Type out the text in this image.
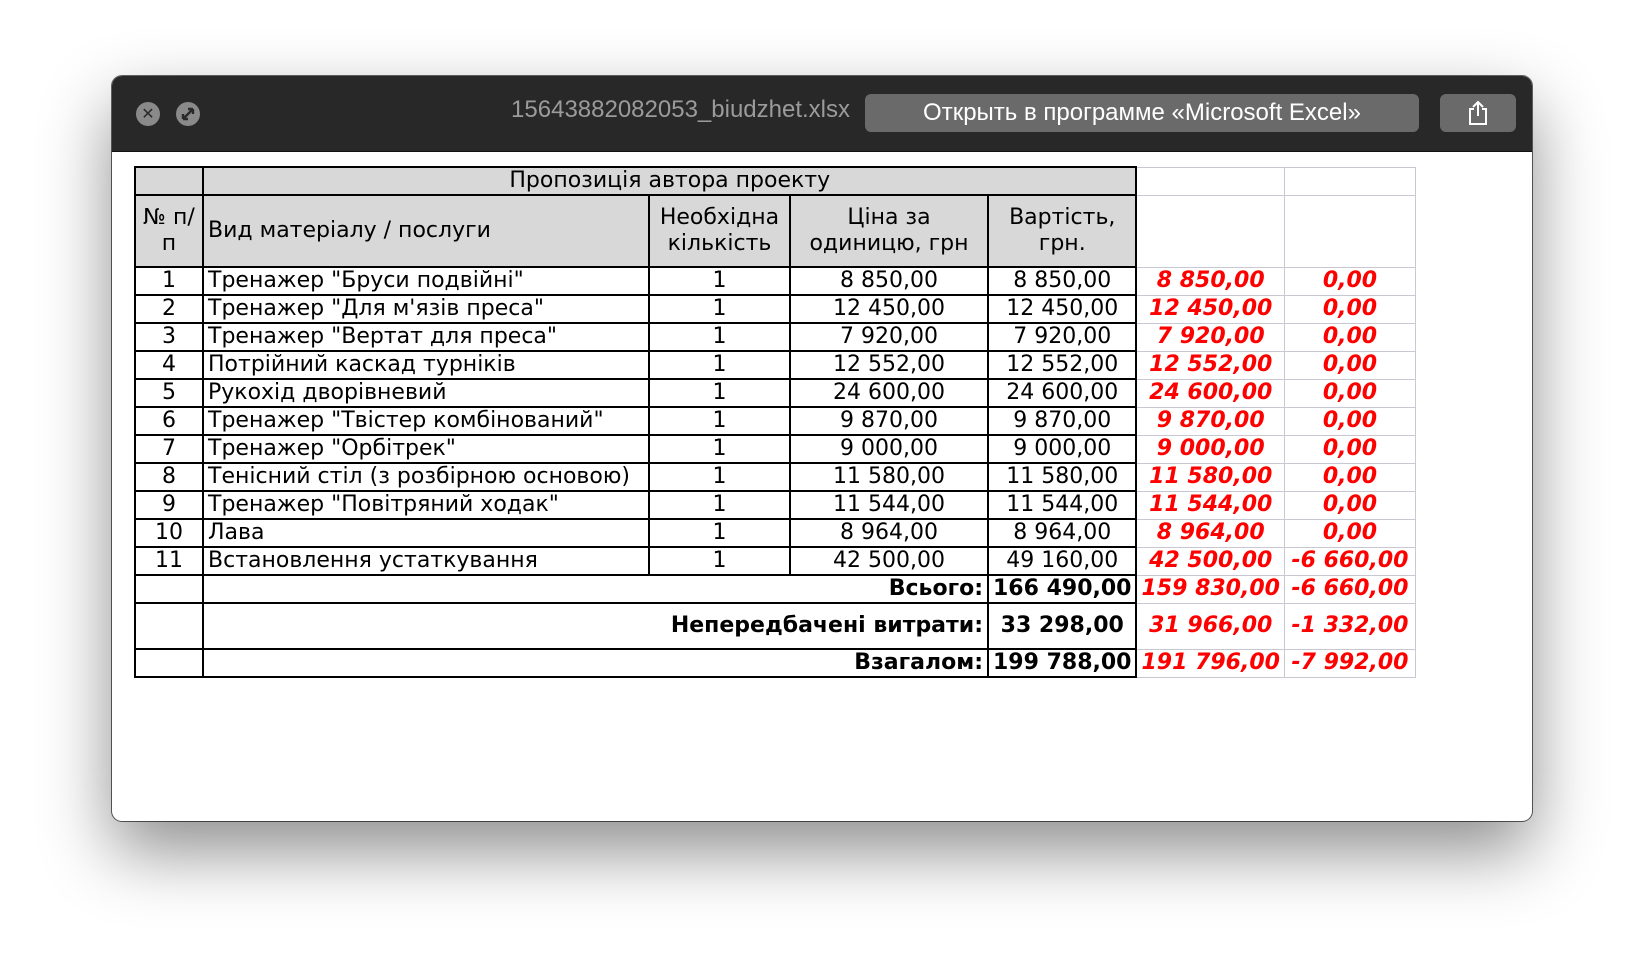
✕	15643882082053_biudzhet.xlsx	Открыть в программе «Microsoft Excel»
	Пропозиція автора проекту					
№ п/п	Вид матеріалу / послуги	Необхідна кількість	Ціна за одиницю, грн	Вартість, грн.		
1	Тренажер "Бруси подвійні"	1	8 850,00	8 850,00	8 850,00	0,00
2	Тренажер "Для м'язів преса"	1	12 450,00	12 450,00	12 450,00	0,00
3	Тренажер "Вертат для преса"	1	7 920,00	7 920,00	7 920,00	0,00
4	Потрійний каскад турніків	1	12 552,00	12 552,00	12 552,00	0,00
5	Рукохід дворівневий	1	24 600,00	24 600,00	24 600,00	0,00
6	Тренажер "Твістер комбінований"	1	9 870,00	9 870,00	9 870,00	0,00
7	Тренажер "Орбітрек"	1	9 000,00	9 000,00	9 000,00	0,00
8	Тенісний стіл (з розбірною основою)	1	11 580,00	11 580,00	11 580,00	0,00
9	Тренажер "Повітряний ходак"	1	11 544,00	11 544,00	11 544,00	0,00
10	Лава	1	8 964,00	8 964,00	8 964,00	0,00
11	Встановлення устаткування	1	42 500,00	49 160,00	42 500,00	-6 660,00
	Всього:			166 490,00	159 830,00	-6 660,00
	Непередбачені витрати:			33 298,00	31 966,00	-1 332,00
	Взагалом:			199 788,00	191 796,00	-7 992,00
